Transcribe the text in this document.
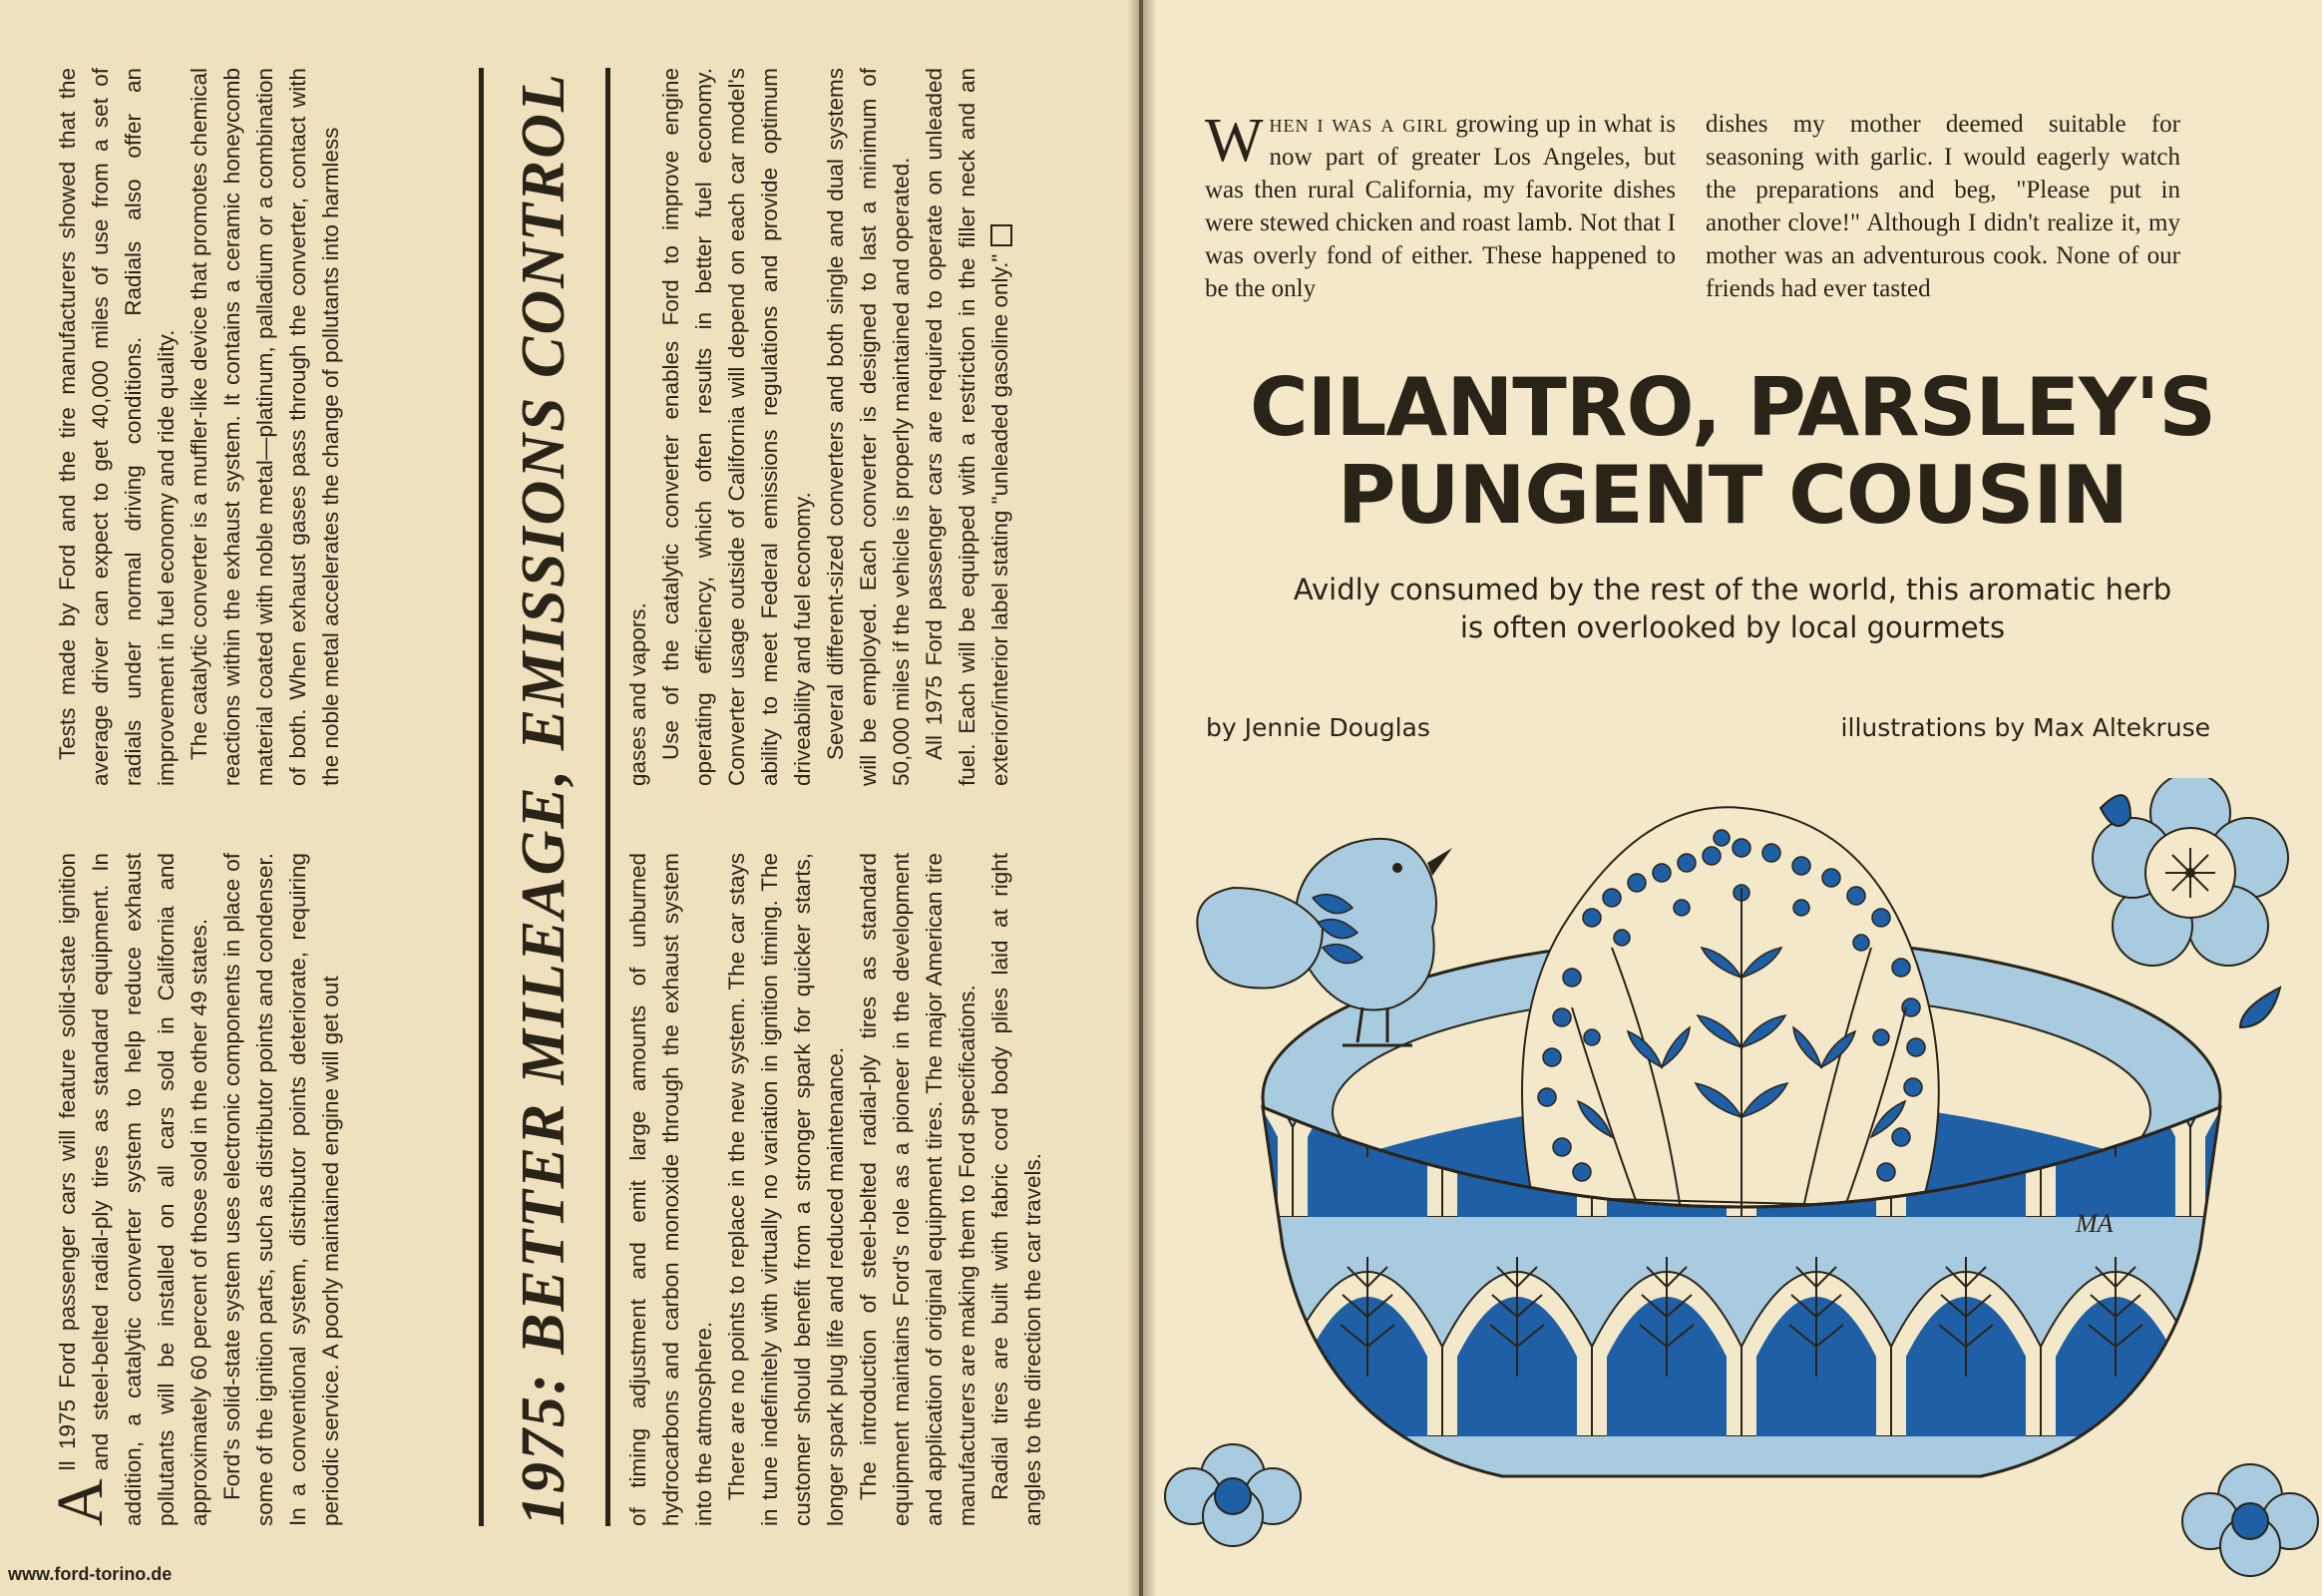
A
ll 1975 Ford passenger cars will feature solid-state ignition and steel-belted radial-ply tires as standard equipment. In addition, a catalytic converter system to help reduce exhaust pollutants will be installed on all cars sold in California and approximately 60 percent of those sold in the other 49 states. Ford's solid-state system uses electronic components in place of some of the ignition parts, such as distributor points and condenser. In a conventional system, distributor points deteriorate, requiring periodic service. A poorly maintained engine will get out

Tests made by Ford and the tire manufacturers showed that the average driver can expect to get 40,000 miles of use from a set of radials under normal driving conditions. Radials also offer an improvement in fuel economy and ride quality. The catalytic converter is a muffler-like device that promotes chemical reactions within the exhaust system. It contains a ceramic honeycomb material coated with noble metal—platinum, palladium or a combination of both. When exhaust gases pass through the converter, contact with the noble metal accelerates the change of pollutants into harmless	1975: BETTER MILEAGE, EMISSIONS CONTROL	of timing adjustment and emit large amounts of unburned hydrocarbons and carbon monoxide through the exhaust system into the atmosphere. There are no points to replace in the new system. The car stays in tune indefinitely with virtually no variation in ignition timing. The customer should benefit from a stronger spark for quicker starts, longer spark plug life and reduced maintenance. The introduction of steel-belted radial-ply tires as standard equipment maintains Ford's role as a pioneer in the development and application of original equipment tires. The major American tire manufacturers are making them to Ford specifications. Radial tires are built with fabric cord body plies laid at right angles to the direction the car travels.

gases and vapors. Use of the catalytic converter enables Ford to improve engine operating efficiency, which often results in better fuel economy. Converter usage outside of California will depend on each car model's ability to meet Federal emissions regulations and provide optimum driveability and fuel economy. Several different-sized converters and both single and dual systems will be employed. Each converter is designed to last a minimum of 50,000 miles if the vehicle is properly maintained and operated. All 1975 Ford passenger cars are required to operate on unleaded fuel. Each will be equipped with a restriction in the filler neck and an exterior/interior label stating "unleaded gasoline only."

www.ford-torino.de
When i was a girl growing up in what is now part of greater Los Angeles, but was then rural California, my favorite dishes were stewed chicken and roast lamb. Not that I was overly fond of either. These happened to be the only
dishes my mother deemed suitable for seasoning with garlic. I would eagerly watch the preparations and beg, "Please put in another clove!" Although I didn't realize it, my mother was an adventurous cook. None of our friends had ever tasted
CILANTRO, PARSLEY'S
PUNGENT COUSIN
Avidly consumed by the rest of the world, this aromatic herb
is often overlooked by local gourmets
by Jennie Douglas	illustrations by Max Altekruse
MA
